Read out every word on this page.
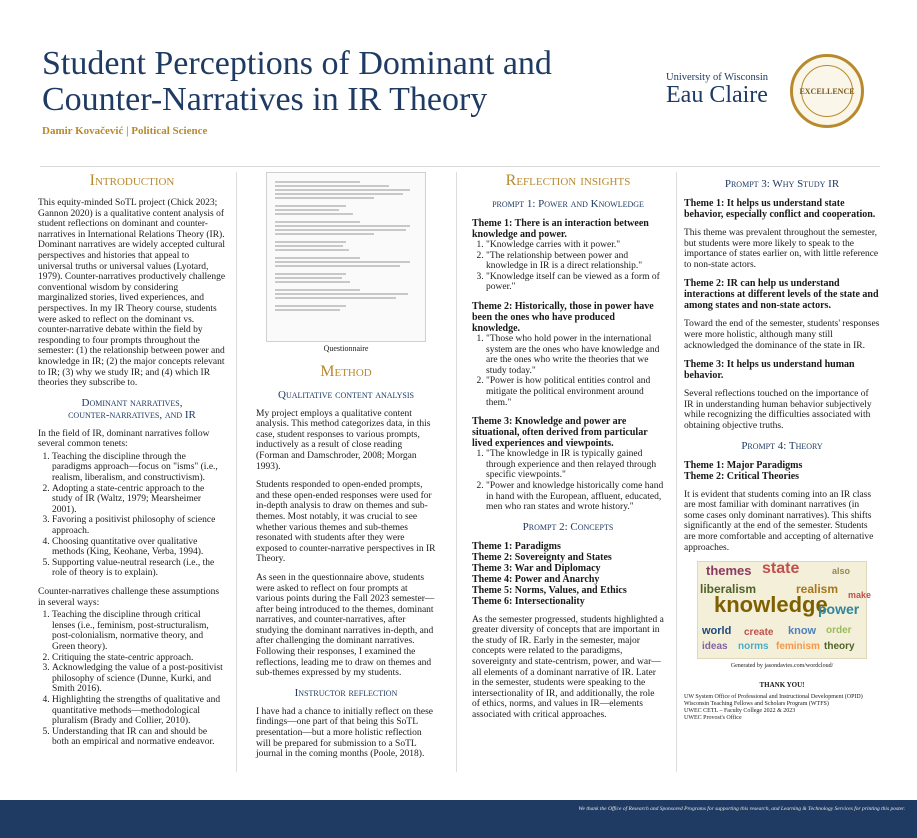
Student Perceptions of Dominant and
Counter-Narratives in IR Theory
Damir Kovačević | Political Science
University of Wisconsin
Eau Claire	EXCELLENCE
Introduction

This equity-minded SoTL project (Chick 2023; Gannon 2020) is a qualitative content analysis of student reflections on dominant and counter-narratives in International Relations Theory (IR). Dominant narratives are widely accepted cultural perspectives and histories that appeal to universal truths or universal values (Lyotard, 1979). Counter-narratives productively challenge conventional wisdom by considering marginalized stories, lived experiences, and perspectives. In my IR Theory course, students were asked to reflect on the dominant vs. counter-narrative debate within the field by responding to four prompts throughout the semester: (1) the relationship between power and knowledge in IR; (2) the major concepts relevant to IR; (3) why we study IR; and (4) which IR theories they subscribe to.

Dominant narratives,
counter-narratives, and IR

In the field of IR, dominant narratives follow several common tenets:

1. Teaching the discipline through the paradigms approach—focus on "isms" (i.e., realism, liberalism, and constructivism).
2. Adopting a state-centric approach to the study of IR (Waltz, 1979; Mearsheimer 2001).
3. Favoring a positivist philosophy of science approach.
4. Choosing quantitative over qualitative methods (King, Keohane, Verba, 1994).
5. Supporting value-neutral research (i.e., the role of theory is to explain).

Counter-narratives challenge these assumptions in several ways:

1. Teaching the discipline through critical lenses (i.e., feminism, post-structuralism, post-colonialism, normative theory, and Green theory).
2. Critiquing the state-centric approach.
3. Acknowledging the value of a post-positivist philosophy of science (Dunne, Kurki, and Smith 2016).
4. Highlighting the strengths of qualitative and quantitative methods—methodological pluralism (Brady and Collier, 2010).
5. Understanding that IR can and should be both an empirical and normative endeavor.
Questionnaire
Method
Qualitative content analysis

My project employs a qualitative content analysis. This method categorizes data, in this case, student responses to various prompts, inductively as a result of close reading (Forman and Damschroder, 2008; Morgan 1993).

Students responded to open-ended prompts, and these open-ended responses were used for in-depth analysis to draw on themes and sub-themes. Most notably, it was crucial to see whether various themes and sub-themes resonated with students after they were exposed to counter-narrative perspectives in IR Theory.

As seen in the questionnaire above, students were asked to reflect on four prompts at various points during the Fall 2023 semester—after being introduced to the themes, dominant narratives, and counter-narratives, after studying the dominant narratives in-depth, and after challenging the dominant narratives. Following their responses, I examined the reflections, leading me to draw on themes and sub-themes expressed by my students.

Instructor reflection

I have had a chance to initially reflect on these findings—one part of that being this SoTL presentation—but a more holistic reflection will be prepared for submission to a SoTL journal in the coming months (Poole, 2018).

Reflection insights
prompt 1: Power and Knowledge
Theme 1: There is an interaction between knowledge and power.
1. "Knowledge carries with it power."
2. "The relationship between power and knowledge in IR is a direct relationship."
3. "Knowledge itself can be viewed as a form of power."
Theme 2: Historically, those in power have been the ones who have produced knowledge.
1. "Those who hold power in the international system are the ones who have knowledge and are the ones who write the theories that we study today."
2. "Power is how political entities control and mitigate the political environment around them."
Theme 3: Knowledge and power are situational, often derived from particular lived experiences and viewpoints.
1. "The knowledge in IR is typically gained through experience and then relayed through specific viewpoints."
2. "Power and knowledge historically come hand in hand with the European, affluent, educated, men who ran states and wrote history."
Prompt 2: Concepts
Theme 1: Paradigms
Theme 2: Sovereignty and States
Theme 3: War and Diplomacy
Theme 4: Power and Anarchy
Theme 5: Norms, Values, and Ethics
Theme 6: Intersectionality

As the semester progressed, students highlighted a greater diversity of concepts that are important in the study of IR. Early in the semester, major concepts were related to the paradigms, sovereignty and state-centrism, power, and war—all elements of a dominant narrative of IR. Later in the semester, students were speaking to the intersectionality of IR, and additionally, the role of ethics, norms, and values in IR—elements associated with critical approaches.

Prompt 3: Why Study IR
Theme 1: It helps us understand state behavior, especially conflict and cooperation.

This theme was prevalent throughout the semester, but students were more likely to speak to the importance of states earlier on, with little reference to non-state actors.

Theme 2: IR can help us understand interactions at different levels of the state and among states and non-state actors.

Toward the end of the semester, students' responses were more holistic, although many still acknowledged the dominance of the state in IR.

Theme 3: It helps us understand human behavior.

Several reflections touched on the importance of IR in understanding human behavior subjectively while recognizing the difficulties associated with obtaining objective truths.

Prompt 4: Theory
Theme 1: Major Paradigms
Theme 2: Critical Theories

It is evident that students coming into an IR class are most familiar with dominant narratives (in some cases only dominant narratives). This shifts significantly at the end of the semester. Students are more comfortable and accepting of alternative approaches.

themes state
liberalism	realism
knowledge
power
world create know order
ideas norms feminism theory
also
make
Generated by jasondavies.com/wordcloud/
THANK YOU!
UW System Office of Professional and Instructional Development (OPID)
Wisconsin Teaching Fellows and Scholars Program (WTFS)
UWEC CETL – Faculty College 2022 & 2023
UWEC Provost's Office
We thank the Office of Research and Sponsored Programs for supporting this research, and Learning & Technology Services for printing this poster.
